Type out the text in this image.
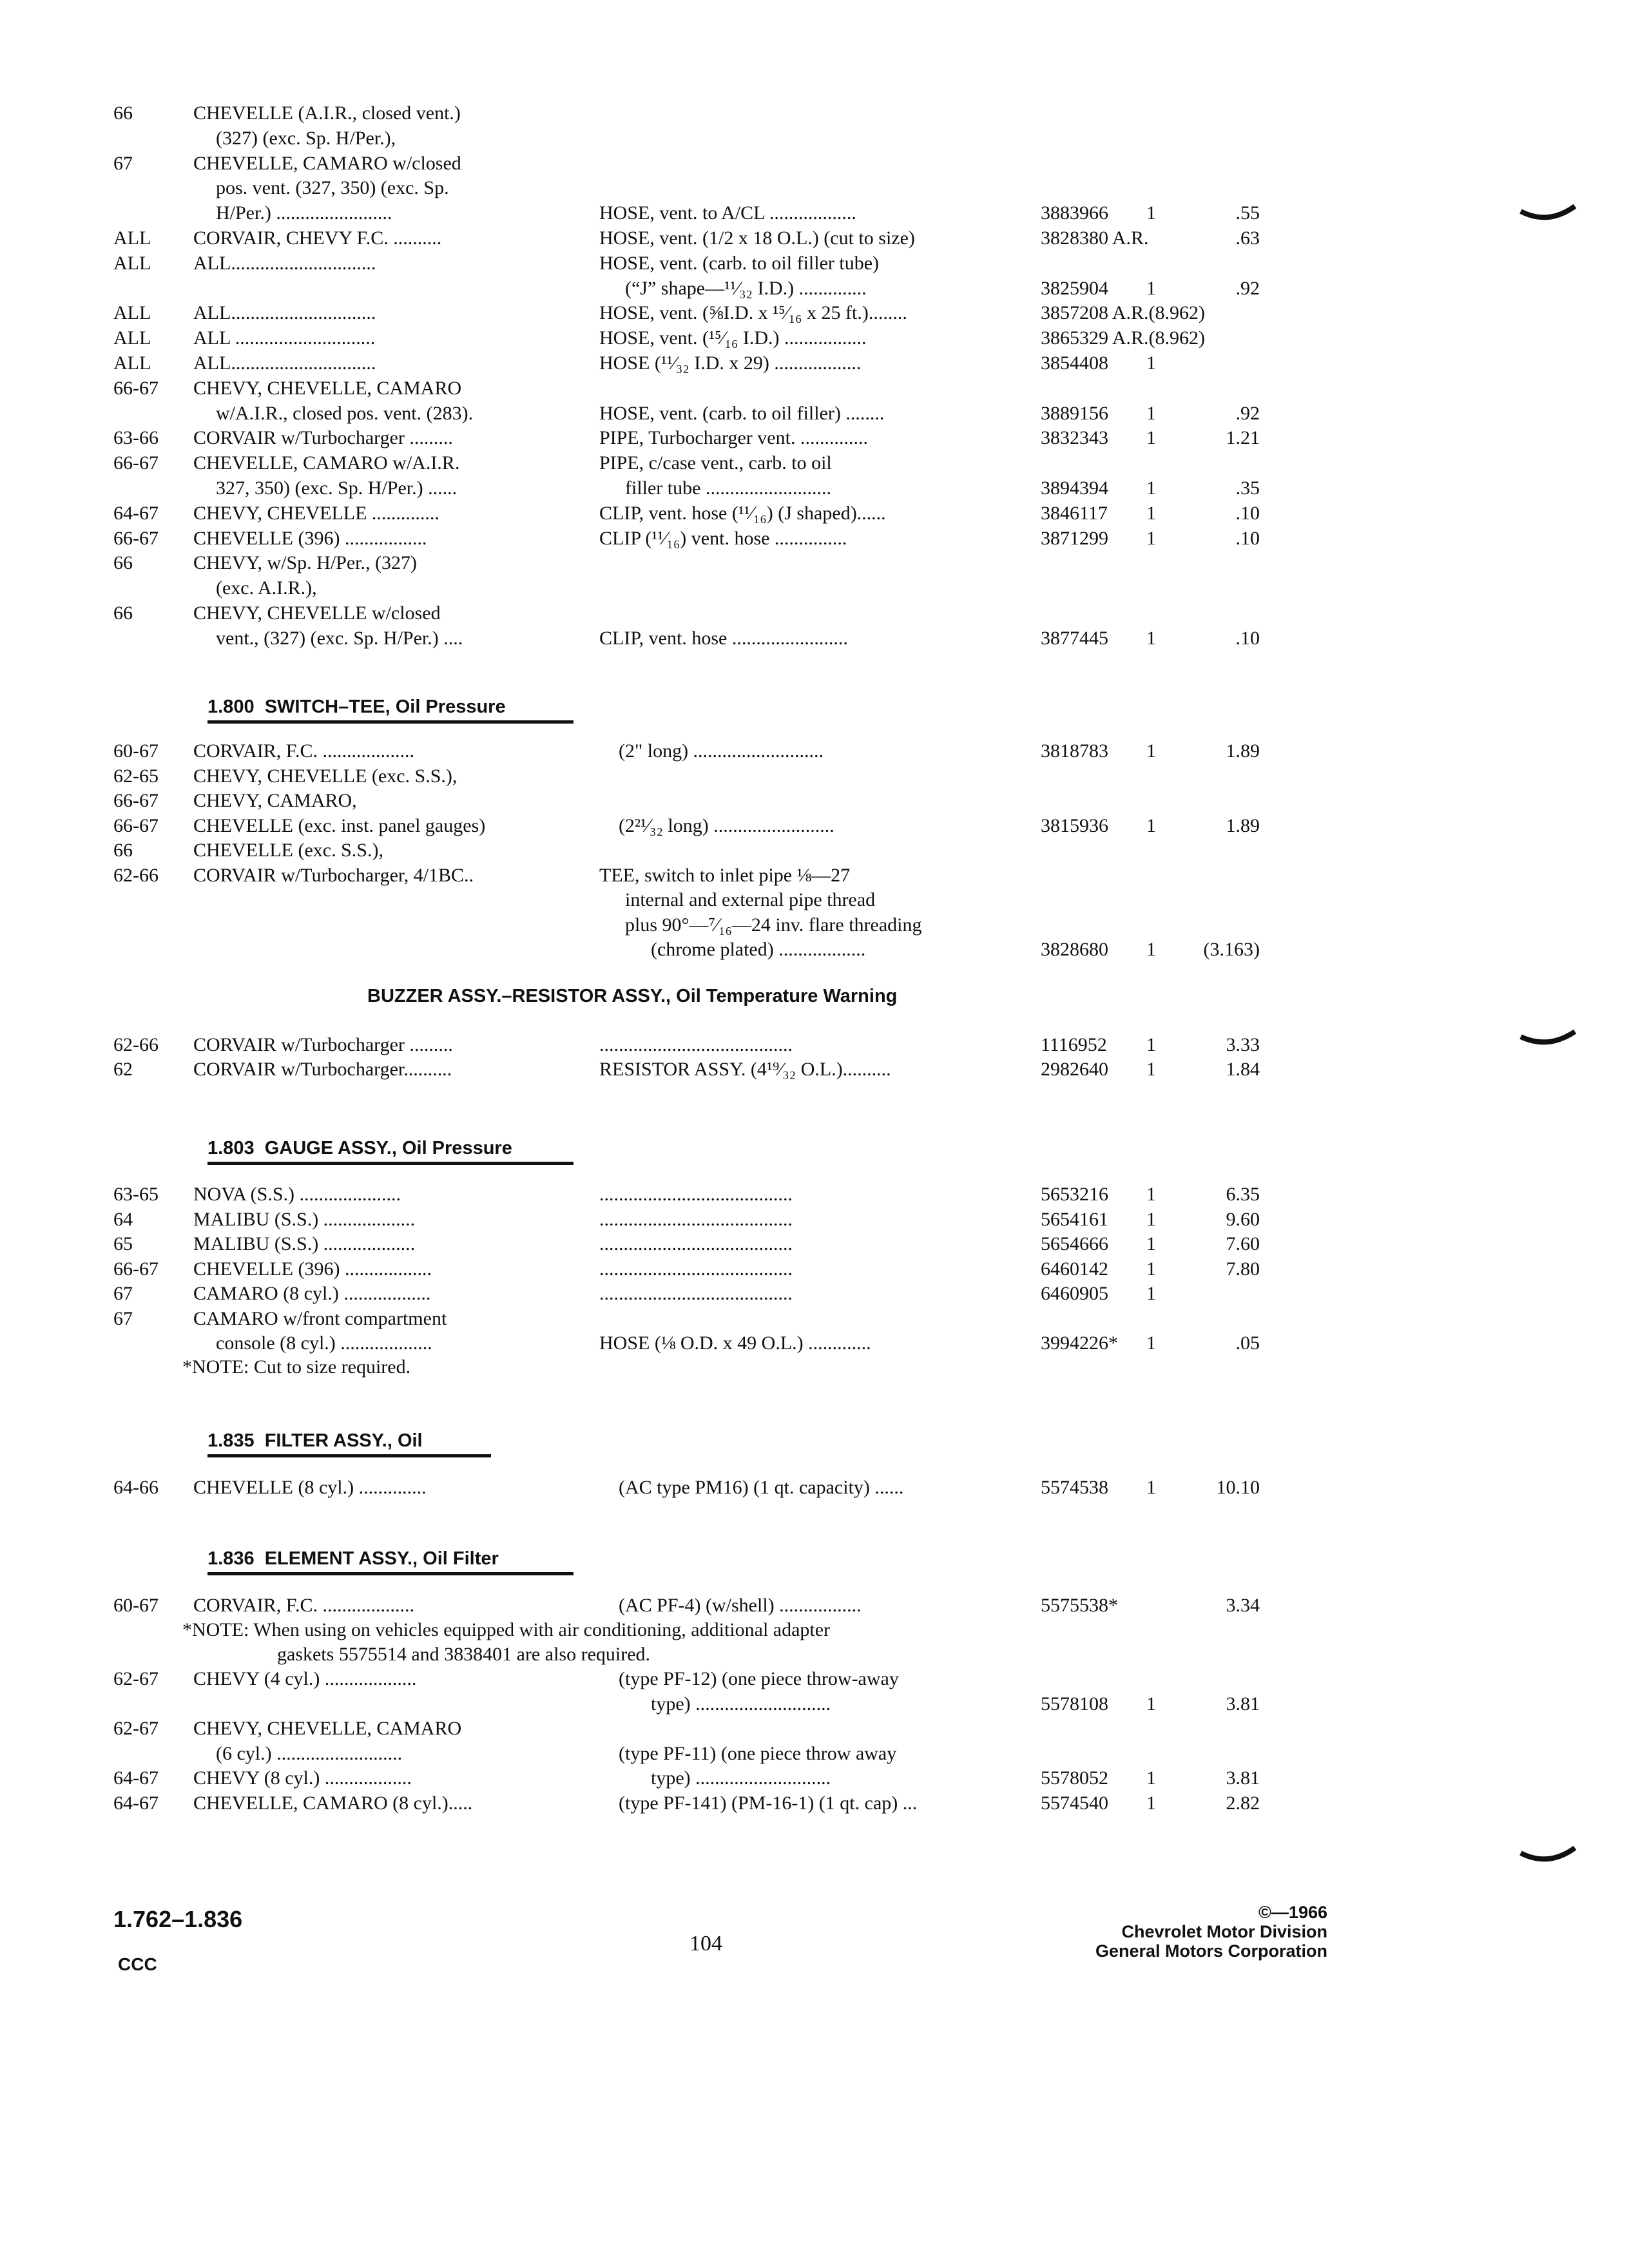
66	CHEVELLE (A.I.R., closed vent.)
(327) (exc. Sp. H/Per.),
67	CHEVELLE, CAMARO w/closed
pos. vent. (327, 350) (exc. Sp.
H/Per.) ........................	HOSE, vent. to A/CL ..................	3883966 1	.55
ALL CORVAIR, CHEVY F.C. ..........	HOSE, vent. (1/2 x 18 O.L.) (cut to size)	3828380 A.R.	.63
ALL ALL..............................	HOSE, vent. (carb. to oil filler tube)
(“J” shape—¹¹⁄₃₂ I.D.) ..............	3825904 1	.92
ALL ALL..............................	HOSE, vent. (⅝I.D. x ¹⁵⁄₁₆ x 25 ft.)........	3857208 A.R.(8.962)
ALL ALL .............................	HOSE, vent. (¹⁵⁄₁₆ I.D.) .................	3865329 A.R.(8.962)
ALL ALL..............................	HOSE (¹¹⁄₃₂ I.D. x 29) ..................	3854408 1
66-67 CHEVY, CHEVELLE, CAMARO
w/A.I.R., closed pos. vent. (283).	HOSE, vent. (carb. to oil filler) ........	3889156 1	.92
63-66 CORVAIR w/Turbocharger .........	PIPE, Turbocharger vent. ..............	3832343 1	1.21
66-67 CHEVELLE, CAMARO w/A.I.R.	PIPE, c/case vent., carb. to oil
327, 350) (exc. Sp. H/Per.) ......	filler tube ..........................	3894394 1	.35
64-67 CHEVY, CHEVELLE ..............	CLIP, vent. hose (¹¹⁄₁₆) (J shaped)......	3846117 1	.10
66-67 CHEVELLE (396) .................	CLIP (¹¹⁄₁₆) vent. hose ...............	3871299 1	.10
66	CHEVY, w/Sp. H/Per., (327)
(exc. A.I.R.),
66	CHEVY, CHEVELLE w/closed
vent., (327) (exc. Sp. H/Per.) ....	CLIP, vent. hose ........................	3877445 1	.10
1.800 SWITCH–TEE, Oil Pressure
60-67 CORVAIR, F.C. ...................	(2" long) ...........................	3818783 1	1.89
62-65 CHEVY, CHEVELLE (exc. S.S.),
66-67 CHEVY, CAMARO,
66-67 CHEVELLE (exc. inst. panel gauges)	(2²¹⁄₃₂ long) .........................	3815936 1	1.89
66	CHEVELLE (exc. S.S.),
62-66 CORVAIR w/Turbocharger, 4/1BC..	TEE, switch to inlet pipe ⅛—27
internal and external pipe thread
plus 90°—⁷⁄₁₆—24 inv. flare threading
(chrome plated) ..................	3828680 1	(3.163)
BUZZER ASSY.–RESISTOR ASSY., Oil Temperature Warning
62-66 CORVAIR w/Turbocharger .........	........................................	1116952 1	3.33
62	CORVAIR w/Turbocharger..........	RESISTOR ASSY. (4¹⁹⁄₃₂ O.L.)..........	2982640 1	1.84
1.803 GAUGE ASSY., Oil Pressure
63-65 NOVA (S.S.) .....................	........................................	5653216 1	6.35
64	MALIBU (S.S.) ...................	........................................	5654161 1	9.60
65	MALIBU (S.S.) ...................	........................................	5654666 1	7.60
66-67 CHEVELLE (396) ..................	........................................	6460142 1	7.80
67	CAMARO (8 cyl.) ..................	........................................	6460905 1
67	CAMARO w/front compartment
console (8 cyl.) ...................	HOSE (⅛ O.D. x 49 O.L.) .............	3994226* 1	.05
*NOTE: Cut to size required.
1.835 FILTER ASSY., Oil
64-66 CHEVELLE (8 cyl.) ..............	(AC type PM16) (1 qt. capacity) ......	5574538 1	10.10
1.836 ELEMENT ASSY., Oil Filter
60-67 CORVAIR, F.C. ...................	(AC PF-4) (w/shell) .................	5575538*	3.34
*NOTE: When using on vehicles equipped with air conditioning, additional adapter
gaskets 5575514 and 3838401 are also required.
62-67 CHEVY (4 cyl.) ...................	(type PF-12) (one piece throw-away
type) ............................	5578108 1	3.81
62-67 CHEVY, CHEVELLE, CAMARO
(6 cyl.) ..........................	(type PF-11) (one piece throw away
64-67 CHEVY (8 cyl.) ..................	type) ............................	5578052 1	3.81
64-67 CHEVELLE, CAMARO (8 cyl.).....	(type PF-141) (PM-16-1) (1 qt. cap) ...	5574540 1	2.82
1.762–1.836
CCC
104
©—1966
Chevrolet Motor Division
General Motors Corporation
